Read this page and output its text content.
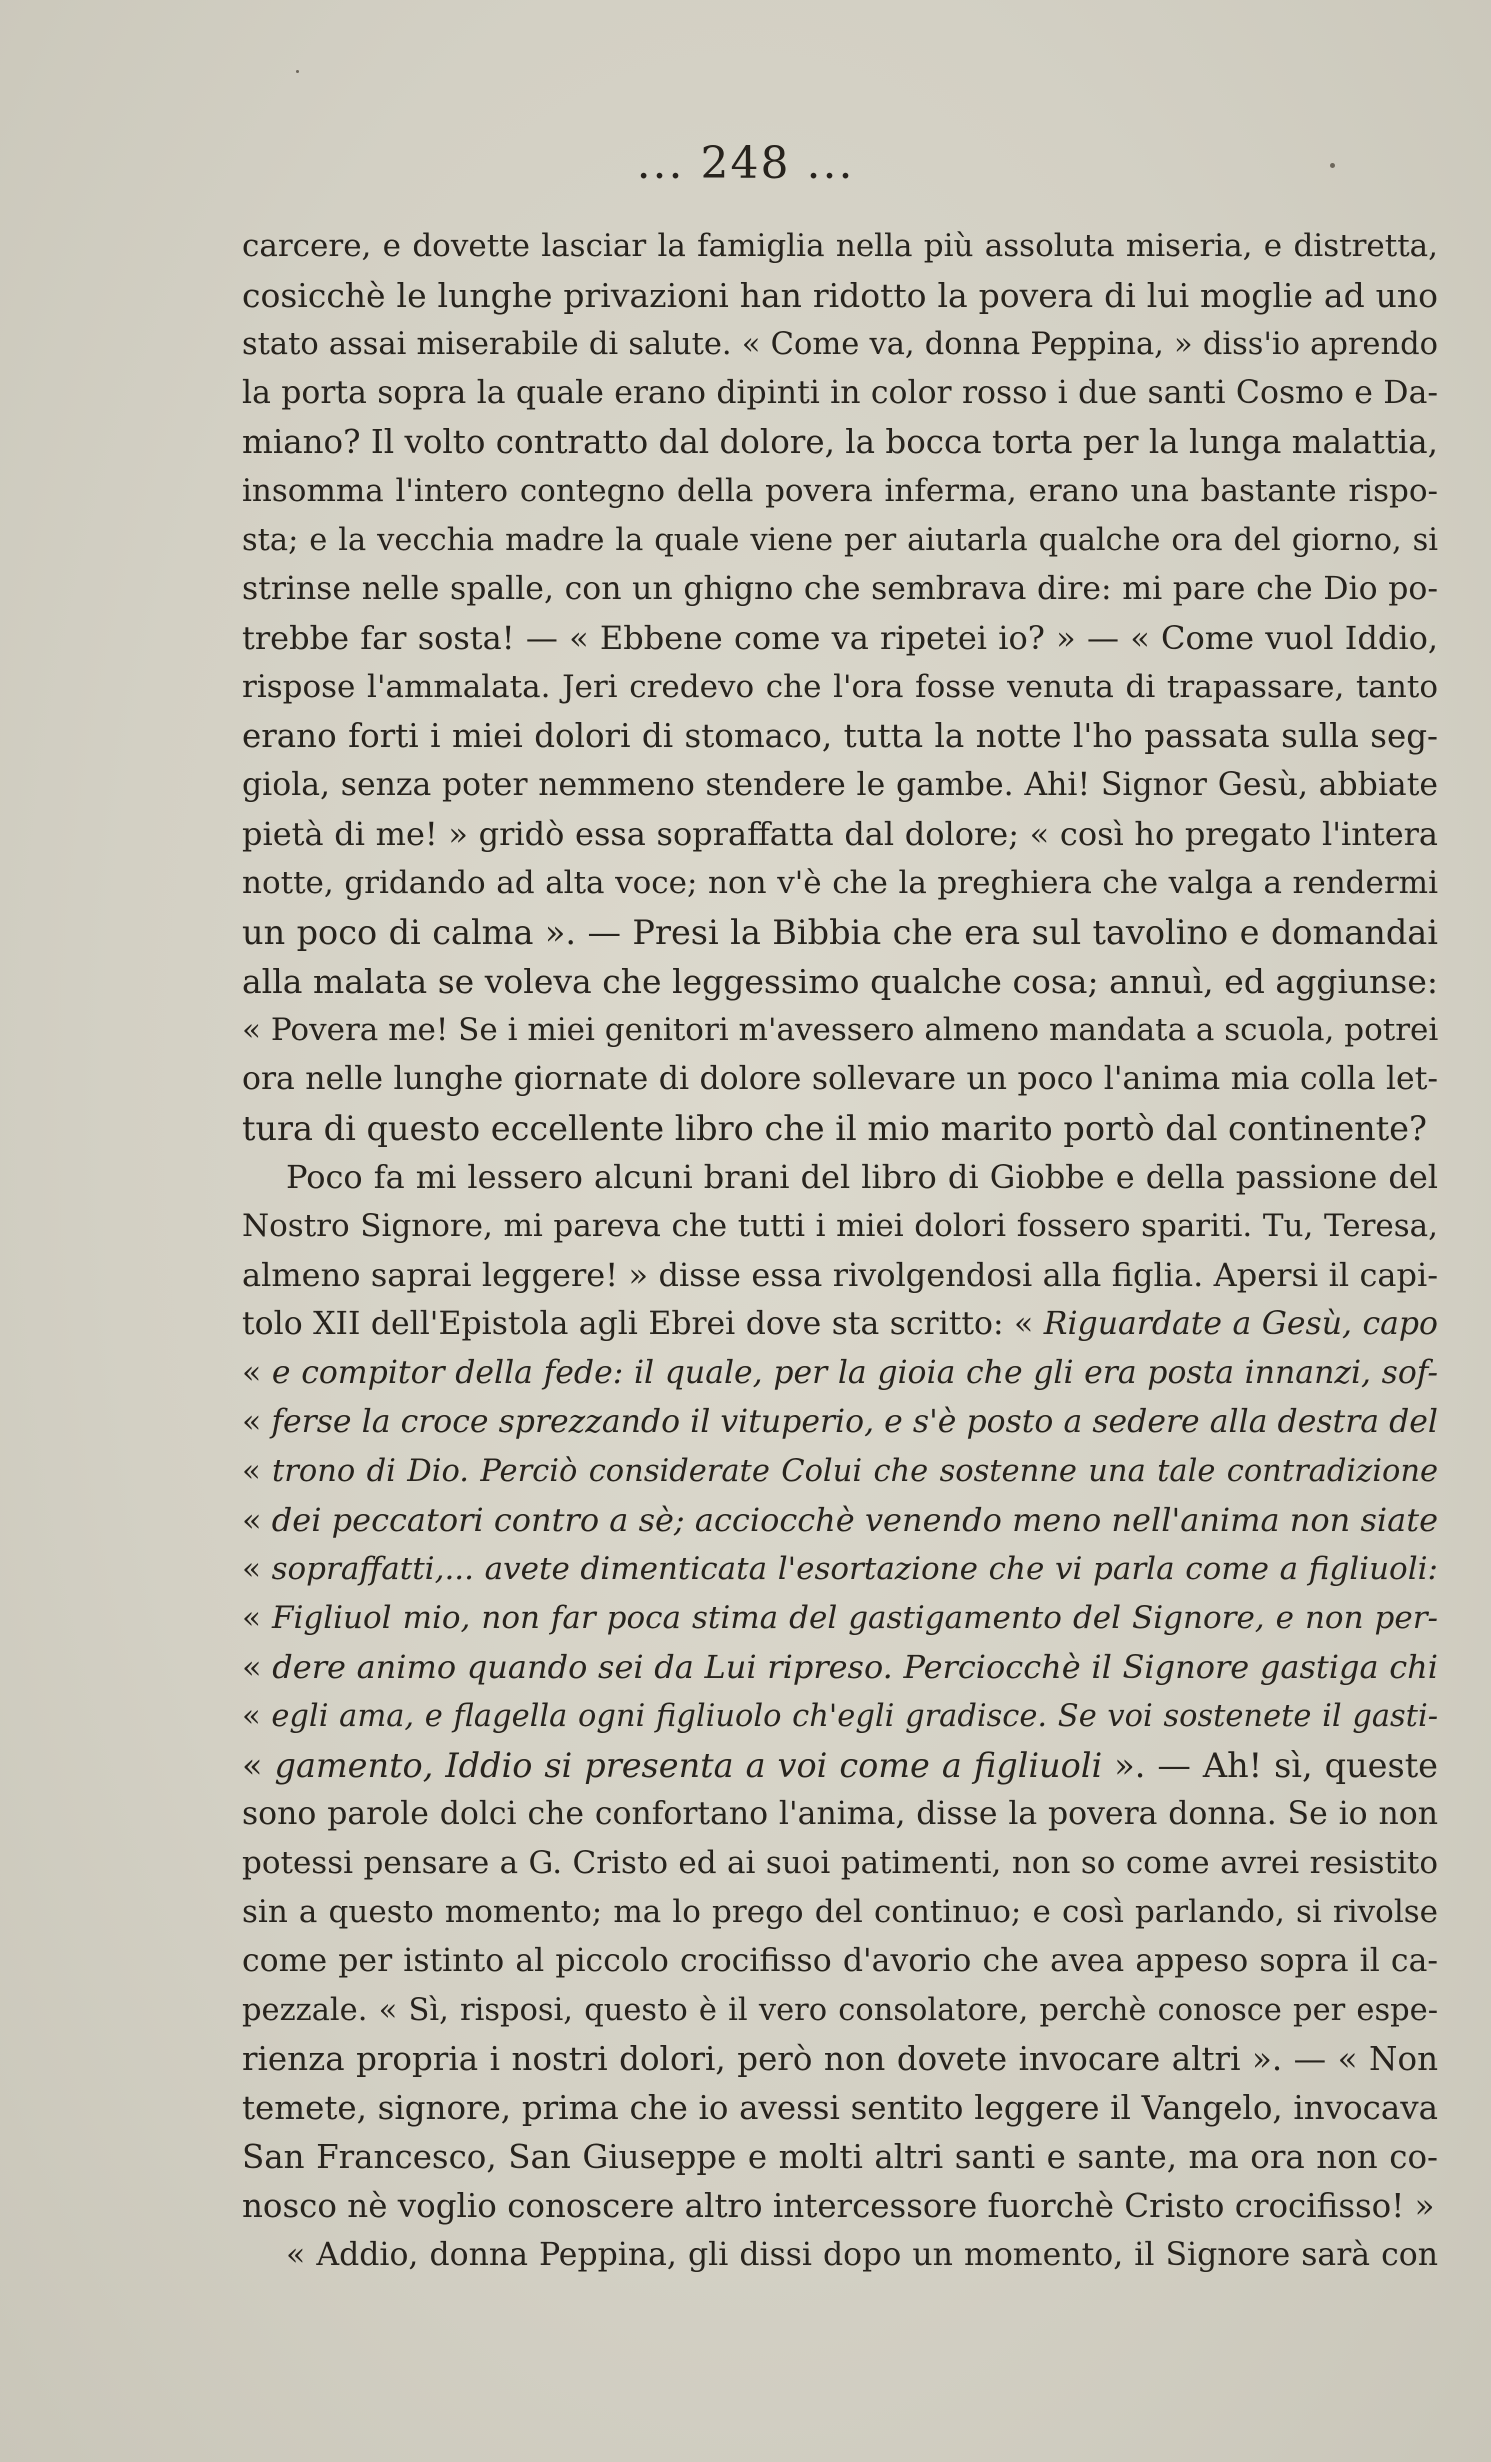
... 248 ...
carcere, e dovette lasciar la famiglia nella più assoluta miseria, e distretta,
cosicchè le lunghe privazioni han ridotto la povera di lui moglie ad uno
stato assai miserabile di salute. « Come va, donna Peppina, » diss'io aprendo
la porta sopra la quale erano dipinti in color rosso i due santi Cosmo e Da-
miano? Il volto contratto dal dolore, la bocca torta per la lunga malattia,
insomma l'intero contegno della povera inferma, erano una bastante rispo-
sta; e la vecchia madre la quale viene per aiutarla qualche ora del giorno, si
strinse nelle spalle, con un ghigno che sembrava dire: mi pare che Dio po-
trebbe far sosta! — « Ebbene come va ripetei io? » — « Come vuol Iddio,
rispose l'ammalata. Jeri credevo che l'ora fosse venuta di trapassare, tanto
erano forti i miei dolori di stomaco, tutta la notte l'ho passata sulla seg-
giola, senza poter nemmeno stendere le gambe. Ahi! Signor Gesù, abbiate
pietà di me! » gridò essa sopraffatta dal dolore; « così ho pregato l'intera
notte, gridando ad alta voce; non v'è che la preghiera che valga a rendermi
un poco di calma ». — Presi la Bibbia che era sul tavolino e domandai
alla malata se voleva che leggessimo qualche cosa; annuì, ed aggiunse:
« Povera me! Se i miei genitori m'avessero almeno mandata a scuola, potrei
ora nelle lunghe giornate di dolore sollevare un poco l'anima mia colla let-
tura di questo eccellente libro che il mio marito portò dal continente?
Poco fa mi lessero alcuni brani del libro di Giobbe e della passione del
Nostro Signore, mi pareva che tutti i miei dolori fossero spariti. Tu, Teresa,
almeno saprai leggere! » disse essa rivolgendosi alla figlia. Apersi il capi-
tolo XII dell'Epistola agli Ebrei dove sta scritto: « Riguardate a Gesù, capo
« e compitor della fede: il quale, per la gioia che gli era posta innanzi, sof-
« ferse la croce sprezzando il vituperio, e s'è posto a sedere alla destra del
« trono di Dio. Perciò considerate Colui che sostenne una tale contradizione
« dei peccatori contro a sè; acciocchè venendo meno nell'anima non siate
« sopraffatti,... avete dimenticata l'esortazione che vi parla come a figliuoli:
« Figliuol mio, non far poca stima del gastigamento del Signore, e non per-
« dere animo quando sei da Lui ripreso. Perciocchè il Signore gastiga chi
« egli ama, e flagella ogni figliuolo ch'egli gradisce. Se voi sostenete il gasti-
« gamento, Iddio si presenta a voi come a figliuoli ». — Ah! sì, queste
sono parole dolci che confortano l'anima, disse la povera donna. Se io non
potessi pensare a G. Cristo ed ai suoi patimenti, non so come avrei resistito
sin a questo momento; ma lo prego del continuo; e così parlando, si rivolse
come per istinto al piccolo crocifisso d'avorio che avea appeso sopra il ca-
pezzale. « Sì, risposi, questo è il vero consolatore, perchè conosce per espe-
rienza propria i nostri dolori, però non dovete invocare altri ». — « Non
temete, signore, prima che io avessi sentito leggere il Vangelo, invocava
San Francesco, San Giuseppe e molti altri santi e sante, ma ora non co-
nosco nè voglio conoscere altro intercessore fuorchè Cristo crocifisso! »
« Addio, donna Peppina, gli dissi dopo un momento, il Signore sarà con
